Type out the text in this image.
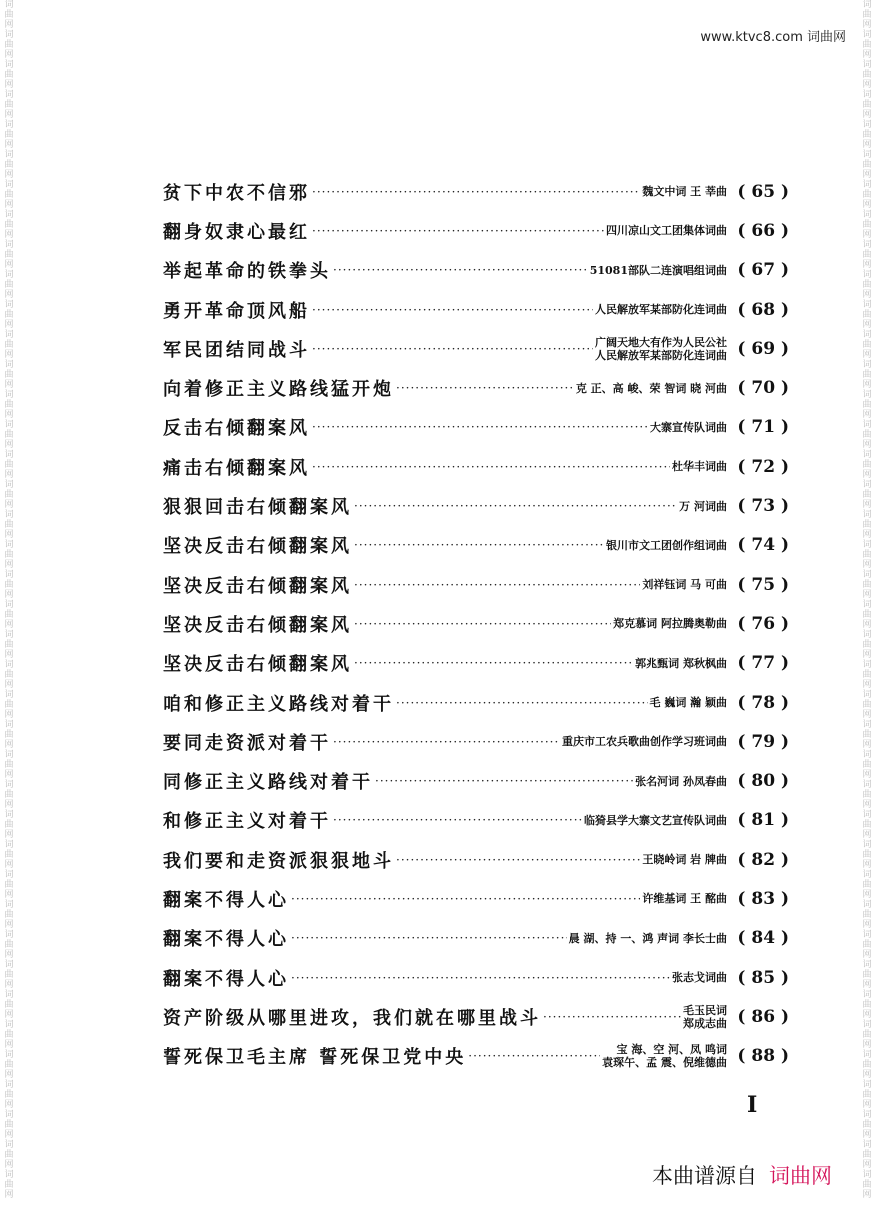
词曲网词曲网词曲网词曲网词曲网词曲网词曲网词曲网词曲网词曲网词曲网词曲网词曲网词曲网词曲网词曲网词曲网词曲网词曲网词曲网词曲网词曲网词曲网词曲网词曲网词曲网词曲网词曲网词曲网词曲网词曲网词曲网词曲网词曲网词曲网词曲网词曲网词曲网词曲网词曲网
词曲网词曲网词曲网词曲网词曲网词曲网词曲网词曲网词曲网词曲网词曲网词曲网词曲网词曲网词曲网词曲网词曲网词曲网词曲网词曲网词曲网词曲网词曲网词曲网词曲网词曲网词曲网词曲网词曲网词曲网词曲网词曲网词曲网词曲网词曲网词曲网词曲网词曲网词曲网词曲网
www.ktvc8.com 词曲网
贫下中农不信邪 ·····	魏文中词 王 莘曲 ( 65 )
翻身奴隶心最红 ·····	四川凉山文工团集体词曲 ( 66 )
举起革命的铁拳头 ·····	51081部队二连演唱组词曲 ( 67 )
勇开革命顶风船 ·····	人民解放军某部防化连词曲 ( 68 )
军民团结同战斗 ·····	广阔天地大有作为人民公社
人民解放军某部防化连词曲 ( 69 )
向着修正主义路线猛开炮 ·····	克 正、高 峻、荣 智词 晓 河曲 ( 70 )
反击右倾翻案风 ·····	大寨宣传队词曲 ( 71 )
痛击右倾翻案风 ·····	杜华丰词曲 ( 72 )
狠狠回击右倾翻案风 ·····	万 河词曲 ( 73 )
坚决反击右倾翻案风 ·····	银川市文工团创作组词曲 ( 74 )
坚决反击右倾翻案风 ·····	刘祥钰词 马 可曲 ( 75 )
坚决反击右倾翻案风 ·····	郑克慕词 阿拉腾奥勒曲 ( 76 )
坚决反击右倾翻案风 ·····	郭兆甄词 郑秋枫曲 ( 77 )
咱和修正主义路线对着干 ·····	毛 巍词 瀚 颖曲 ( 78 )
要同走资派对着干 ·····	重庆市工农兵歌曲创作学习班词曲 ( 79 )
同修正主义路线对着干 ·····	张名河词 孙凤春曲 ( 80 )
和修正主义对着干 ·····	临猗县学大寨文艺宣传队词曲 ( 81 )
我们要和走资派狠狠地斗 ·····	王晓岭词 岩 牌曲 ( 82 )
翻案不得人心 ·····	许维基词 王 酩曲 ( 83 )
翻案不得人心 ·····	晨 湖、持 一、鸿 声词 李长士曲 ( 84 )
翻案不得人心 ·····	张志戈词曲 ( 85 )
资产阶级从哪里进攻，我们就在哪里战斗 ·····	毛玉民词
郑成志曲 ( 86 )
誓死保卫毛主席 誓死保卫党中央 ·····	宝 海、空 河、凤 鸣词
袁琛午、孟 震、倪维德曲 ( 88 )
Ⅰ
本曲谱源自 词曲网
